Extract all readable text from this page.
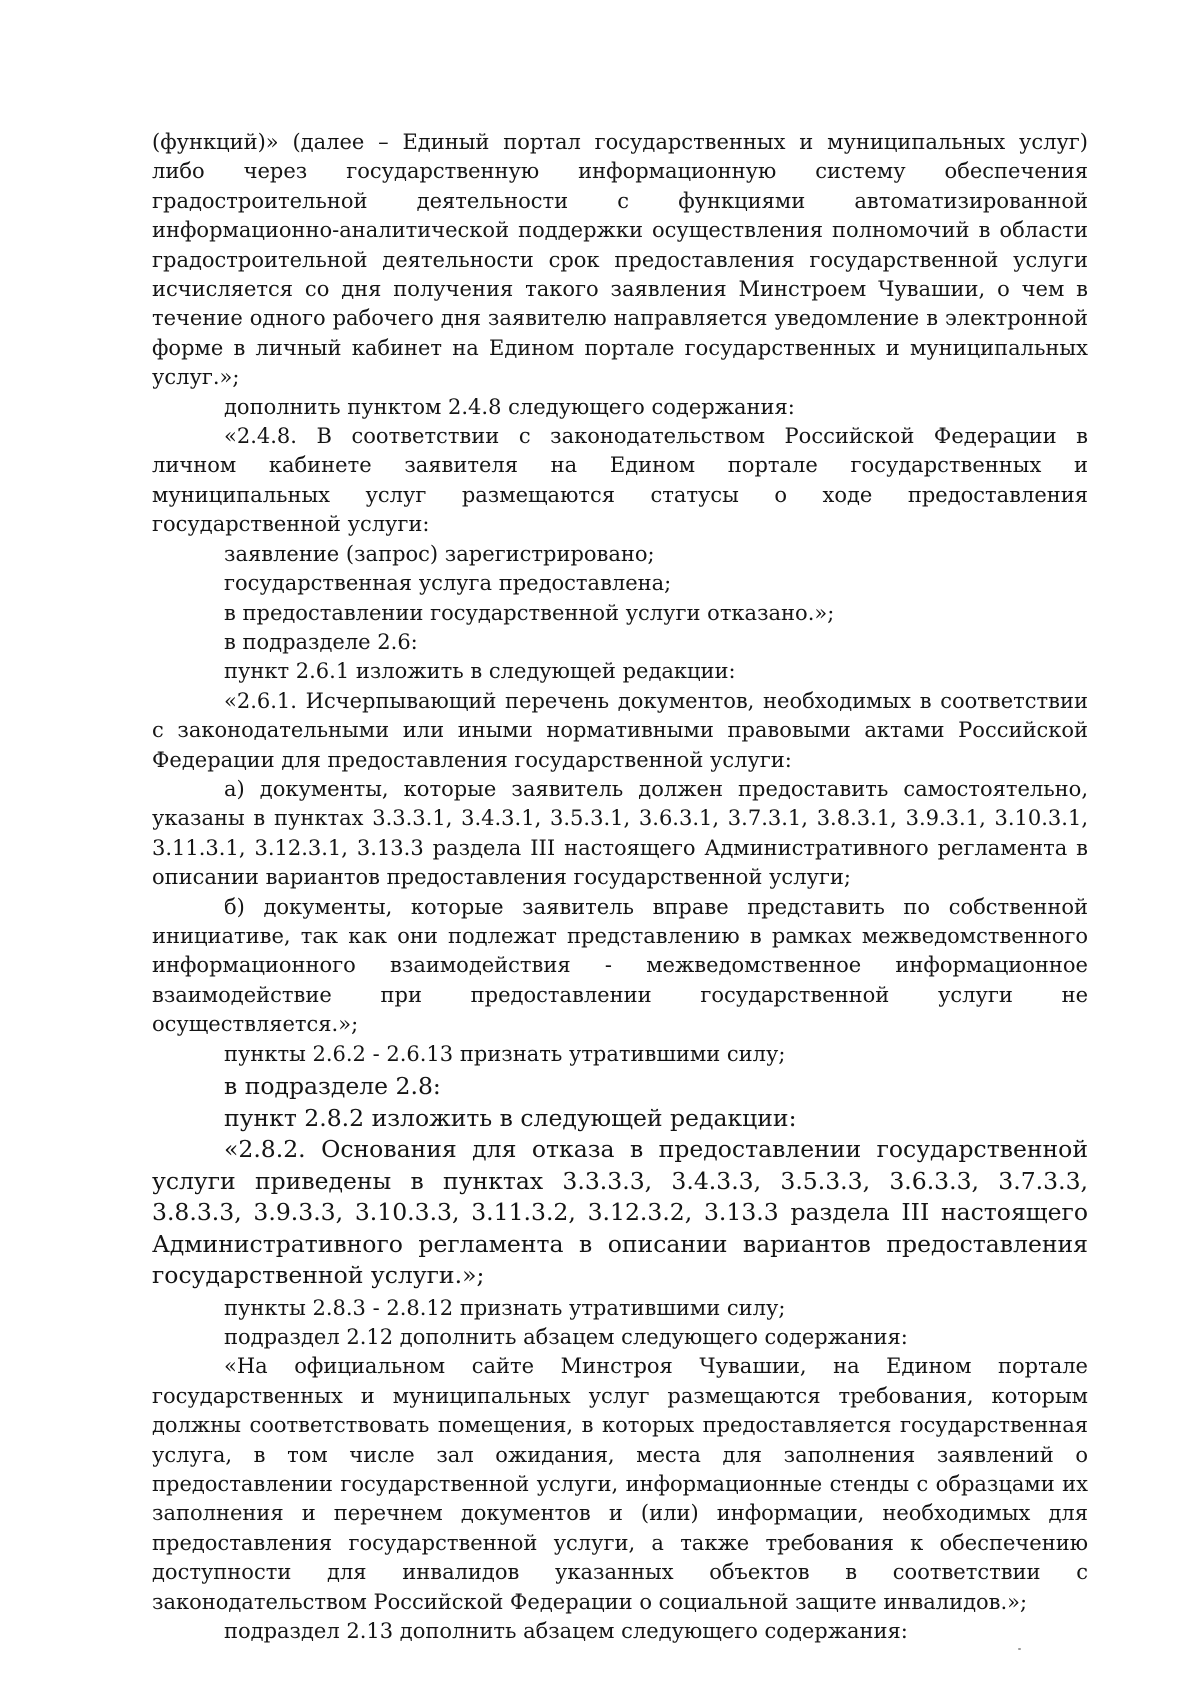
(функций)» (далее – Единый портал государственных и муниципальных услуг) либо через государственную информационную систему обеспечения градостроительной деятельности с функциями автоматизированной информационно-аналитической поддержки осуществления полномочий в области градостроительной деятельности срок предоставления государственной услуги исчисляется со дня получения такого заявления Минстроем Чувашии, о чем в течение одного рабочего дня заявителю направляется уведомление в электронной форме в личный кабинет на Едином портале государственных и муниципальных услуг.»;

дополнить пунктом 2.4.8 следующего содержания:

«2.4.8. В соответствии с законодательством Российской Федерации в личном кабинете заявителя на Едином портале государственных и муниципальных услуг размещаются статусы о ходе предоставления государственной услуги:

заявление (запрос) зарегистрировано;

государственная услуга предоставлена;

в предоставлении государственной услуги отказано.»;

в подразделе 2.6:

пункт 2.6.1 изложить в следующей редакции:

«2.6.1. Исчерпывающий перечень документов, необходимых в соответствии с законодательными или иными нормативными правовыми актами Российской Федерации для предоставления государственной услуги:

а) документы, которые заявитель должен предоставить самостоятельно, указаны в пунктах 3.3.3.1, 3.4.3.1, 3.5.3.1, 3.6.3.1, 3.7.3.1, 3.8.3.1, 3.9.3.1, 3.10.3.1, 3.11.3.1, 3.12.3.1, 3.13.3 раздела III настоящего Административного регламента в описании вариантов предоставления государственной услуги;

б) документы, которые заявитель вправе представить по собственной инициативе, так как они подлежат представлению в рамках межведомственного информационного взаимодействия - межведомственное информационное взаимодействие при предоставлении государственной услуги не осуществляется.»;

пункты 2.6.2 - 2.6.13 признать утратившими силу;

в подразделе 2.8:

пункт 2.8.2 изложить в следующей редакции:

«2.8.2. Основания для отказа в предоставлении государственной услуги приведены в пунктах 3.3.3.3, 3.4.3.3, 3.5.3.3, 3.6.3.3, 3.7.3.3, 3.8.3.3, 3.9.3.3, 3.10.3.3, 3.11.3.2, 3.12.3.2, 3.13.3 раздела III настоящего Административного регламента в описании вариантов предоставления государственной услуги.»;

пункты 2.8.3 - 2.8.12 признать утратившими силу;

подраздел 2.12 дополнить абзацем следующего содержания:

«На официальном сайте Минстроя Чувашии, на Едином портале государственных и муниципальных услуг размещаются требования, которым должны соответствовать помещения, в которых предоставляется государственная услуга, в том числе зал ожидания, места для заполнения заявлений о предоставлении государственной услуги, информационные стенды с образцами их заполнения и перечнем документов и (или) информации, необходимых для предоставления государственной услуги, а также требования к обеспечению доступности для инвалидов указанных объектов в соответствии с законодательством Российской Федерации о социальной защите инвалидов.»;

подраздел 2.13 дополнить абзацем следующего содержания:
